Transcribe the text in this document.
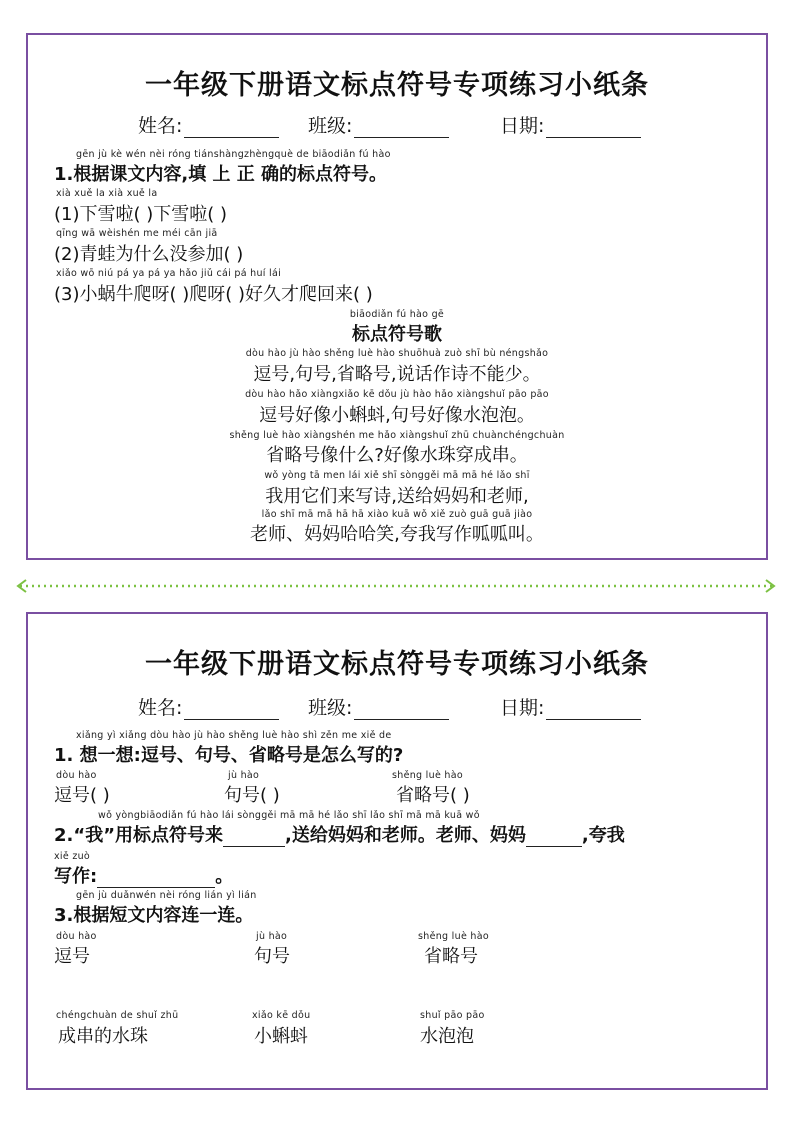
一年级下册语文标点符号专项练习小纸条
姓名:	班级:	日期:
gēn jù kè wén nèi róng tiánshàngzhèngquè de biāodiǎn fú hào
1.根据课文内容,填 上 正 确的标点符号。
xià xuě la xià xuě la
(1)下雪啦( )下雪啦( )
qīng wā wèishén me méi cān jiā
(2)青蛙为什么没参加( )
xiǎo wō niú pá ya pá ya hǎo jiǔ cái pá huí lái
(3)小蜗牛爬呀( )爬呀( )好久才爬回来( )
biāodiǎn fú hào gē
标点符号歌
dòu hào jù hào shěng luè hào shuōhuà zuò shī bù néngshǎo
逗号,句号,省略号,说话作诗不能少。
dòu hào hǎo xiàngxiǎo kē dǒu jù hào hǎo xiàngshuǐ pāo pāo
逗号好像小蝌蚪,句号好像水泡泡。
shěng luè hào xiàngshén me hǎo xiàngshuǐ zhū chuànchéngchuàn
省略号像什么?好像水珠穿成串。
wǒ yòng tā men lái xiě shī sònggěi mā mā hé lǎo shī
我用它们来写诗,送给妈妈和老师,
lǎo shī mā mā hā hā xiào kuā wǒ xiě zuò guā guā jiào
老师、妈妈哈哈笑,夸我写作呱呱叫。
一年级下册语文标点符号专项练习小纸条
姓名:	班级:	日期:
xiǎng yì xiǎng dòu hào jù hào shěng luè hào shì zěn me xiě de
1. 想一想:逗号、句号、省略号是怎么写的?
dòu hào
逗号( )
jù hào
句号( )
shěng luè hào
省略号( )
wǒ yòngbiāodiǎn fú hào lái sònggěi mā mā hé lǎo shī lǎo shī mā mā kuā wǒ
2.“我”用标点符号来	,送给妈妈和老师。老师、妈妈	,夸我
xiě zuò
写作:	。
gēn jù duǎnwén nèi róng lián yì lián
3.根据短文内容连一连。
dòu hào
逗号
jù hào
句号
shěng luè hào
省略号
chéngchuàn de shuǐ zhū
成串的水珠
xiǎo kē dǒu
小蝌蚪
shuǐ pāo pāo
水泡泡
